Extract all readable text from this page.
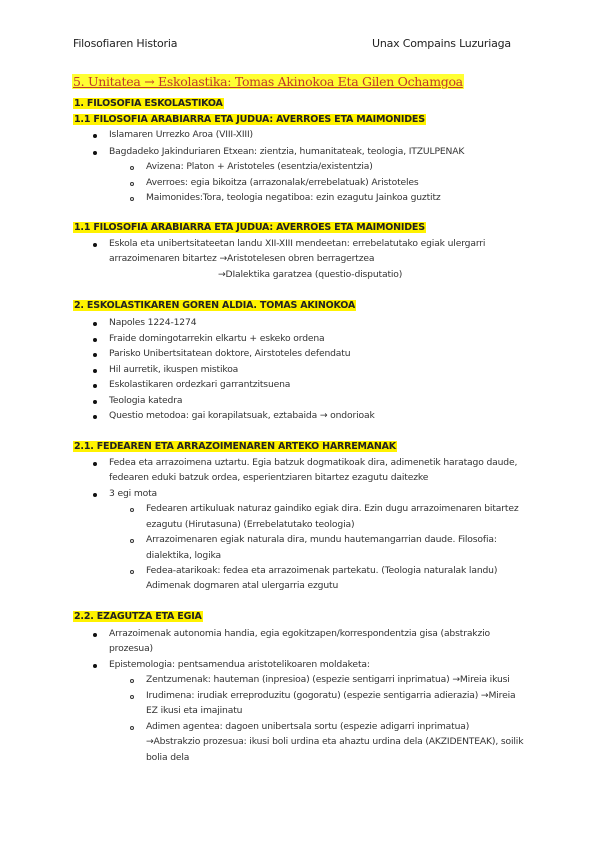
Filosofiaren Historia	Unax Compains Luzuriaga
5. Unitatea → Eskolastika: Tomas Akinokoa Eta Gilen Ochamgoa
1. FILOSOFIA ESKOLASTIKOA
1.1 FILOSOFIA ARABIARRA ETA JUDUA: AVERROES ETA MAIMONIDES
Islamaren Urrezko Aroa (VIII-XIII)
Bagdadeko Jakinduriaren Etxean: zientzia, humanitateak, teologia, ITZULPENAK
Avizena: Platon + Aristoteles (esentzia/existentzia)
Averroes: egia bikoitza (arrazonalak/errebelatuak) Aristoteles
Maimonides:Tora, teologia negatiboa: ezin ezagutu Jainkoa guztitz
1.1 FILOSOFIA ARABIARRA ETA JUDUA: AVERROES ETA MAIMONIDES
Eskola eta unibertsitateetan landu XII-XIII mendeetan: errebelatutako egiak ulergarri
arrazoimenaren bitartez →Aristotelesen obren berragertzea
→DIalektika garatzea (questio-disputatio)
2. ESKOLASTIKAREN GOREN ALDIA. TOMAS AKINOKOA
Napoles 1224-1274
Fraide domingotarrekin elkartu + eskeko ordena
Parisko Unibertsitatean doktore, Airstoteles defendatu
Hil aurretik, ikuspen mistikoa
Eskolastikaren ordezkari garrantzitsuena
Teologia katedra
Questio metodoa: gai korapilatsuak, eztabaida → ondorioak
2.1. FEDEAREN ETA ARRAZOIMENAREN ARTEKO HARREMANAK
Fedea eta arrazoimena uztartu. Egia batzuk dogmatikoak dira, adimenetik haratago daude,
fedearen eduki batzuk ordea, esperientziaren bitartez ezagutu daitezke
3 egi mota
Fedearen artikuluak naturaz gaindiko egiak dira. Ezin dugu arrazoimenaren bitartez
ezagutu (Hirutasuna) (Errebelatutako teologia)
Arrazoimenaren egiak naturala dira, mundu hautemangarrian daude. Filosofia:
dialektika, logika
Fedea-atarikoak: fedea eta arrazoimenak partekatu. (Teologia naturalak landu)
Adimenak dogmaren atal ulergarria ezgutu
2.2. EZAGUTZA ETA EGIA
Arrazoimenak autonomia handia, egia egokitzapen/korrespondentzia gisa (abstrakzio
prozesua)
Epistemologia: pentsamendua aristotelikoaren moldaketa:
Zentzumenak: hauteman (inpresioa) (espezie sentigarri inprimatua) →Mireia ikusi
Irudimena: irudiak erreproduzitu (gogoratu) (espezie sentigarria adierazia) →Mireia
EZ ikusi eta imajinatu
Adimen agentea: dagoen unibertsala sortu (espezie adigarri inprimatua)
→Abstrakzio prozesua: ikusi boli urdina eta ahaztu urdina dela (AKZIDENTEAK), soilik
bolia dela
